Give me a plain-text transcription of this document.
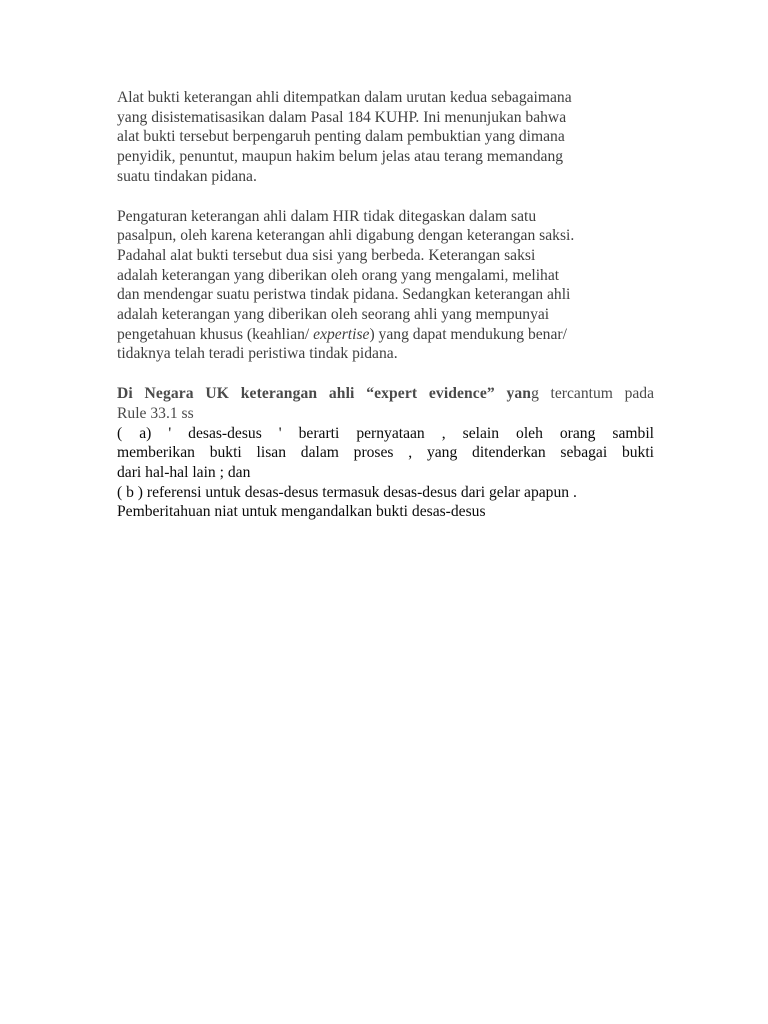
Alat bukti keterangan ahli ditempatkan dalam urutan kedua sebagaimana
yang disistematisasikan dalam Pasal 184 KUHP. Ini menunjukan bahwa
alat bukti tersebut berpengaruh penting dalam pembuktian yang dimana
penyidik, penuntut, maupun hakim belum jelas atau terang memandang
suatu tindakan pidana.

Pengaturan keterangan ahli dalam HIR tidak ditegaskan dalam satu
pasalpun, oleh karena keterangan ahli digabung dengan keterangan saksi.
Padahal alat bukti tersebut dua sisi yang berbeda. Keterangan saksi
adalah keterangan yang diberikan oleh orang yang mengalami, melihat
dan mendengar suatu peristwa tindak pidana. Sedangkan keterangan ahli
adalah keterangan yang diberikan oleh seorang ahli yang mempunyai
pengetahuan khusus (keahlian/ expertise) yang dapat mendukung benar/
tidaknya telah teradi peristiwa tindak pidana.

Di Negara UK keterangan ahli “expert evidence” yang tercantum pada
Rule 33.1 ss
( a) ' desas-desus ' berarti pernyataan , selain oleh orang sambil
memberikan bukti lisan dalam proses , yang ditenderkan sebagai bukti
dari hal-hal lain ; dan
( b ) referensi untuk desas-desus termasuk desas-desus dari gelar apapun .
Pemberitahuan niat untuk mengandalkan bukti desas-desus
